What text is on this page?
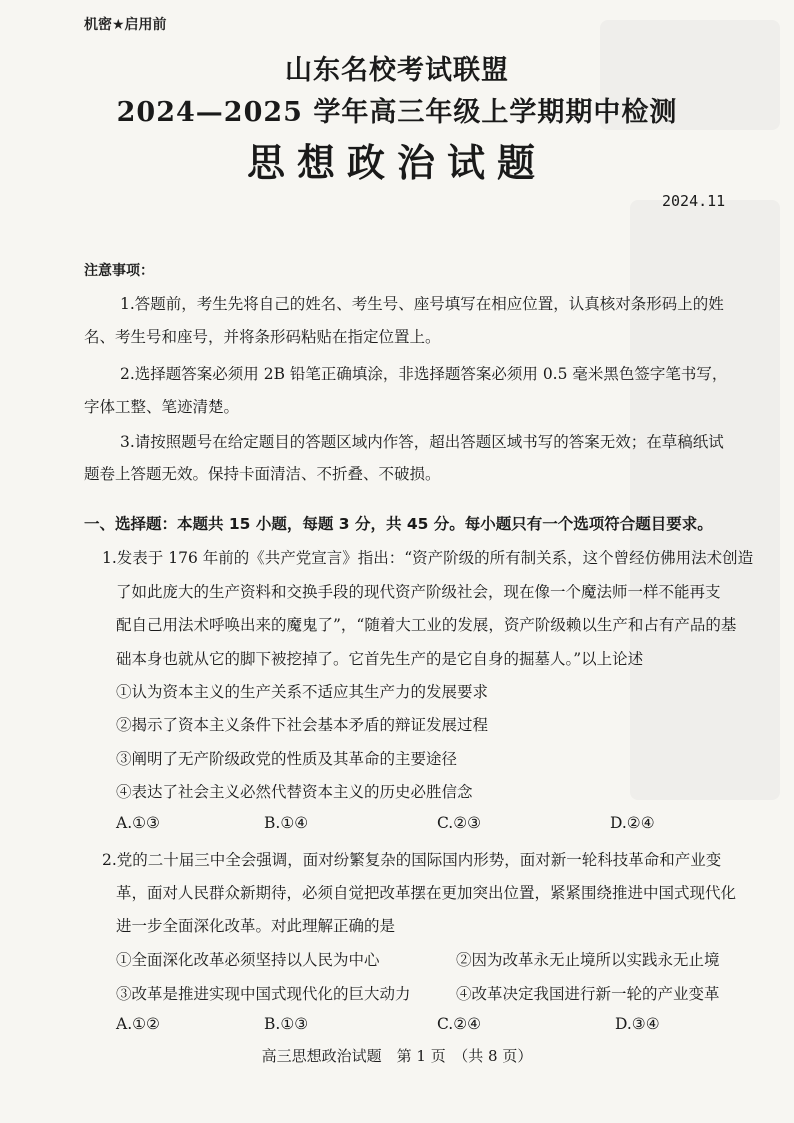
机密★启用前
山东名校考试联盟
2024—2025 学年高三年级上学期期中检测
思想政治试题
2024.11
注意事项：
1.答题前，考生先将自己的姓名、考生号、座号填写在相应位置，认真核对条形码上的姓
名、考生号和座号，并将条形码粘贴在指定位置上。
2.选择题答案必须用 2B 铅笔正确填涂，非选择题答案必须用 0.5 毫米黑色签字笔书写，
字体工整、笔迹清楚。
3.请按照题号在给定题目的答题区域内作答，超出答题区域书写的答案无效；在草稿纸试
题卷上答题无效。保持卡面清洁、不折叠、不破损。
一、选择题：本题共 15 小题，每题 3 分，共 45 分。每小题只有一个选项符合题目要求。
1.发表于 176 年前的《共产党宣言》指出：“资产阶级的所有制关系，这个曾经仿佛用法术创造
了如此庞大的生产资料和交换手段的现代资产阶级社会，现在像一个魔法师一样不能再支
配自己用法术呼唤出来的魔鬼了”，“随着大工业的发展，资产阶级赖以生产和占有产品的基
础本身也就从它的脚下被挖掉了。它首先生产的是它自身的掘墓人。”以上论述
①认为资本主义的生产关系不适应其生产力的发展要求
②揭示了资本主义条件下社会基本矛盾的辩证发展过程
③阐明了无产阶级政党的性质及其革命的主要途径
④表达了社会主义必然代替资本主义的历史必胜信念
A.①③	B.①④	C.②③	D.②④
2.党的二十届三中全会强调，面对纷繁复杂的国际国内形势，面对新一轮科技革命和产业变
革，面对人民群众新期待，必须自觉把改革摆在更加突出位置，紧紧围绕推进中国式现代化
进一步全面深化改革。对此理解正确的是
①全面深化改革必须坚持以人民为中心	②因为改革永无止境所以实践永无止境
③改革是推进实现中国式现代化的巨大动力	④改革决定我国进行新一轮的产业变革
A.①②	B.①③	C.②④	D.③④
高三思想政治试题　第 1 页　（共 8 页）
